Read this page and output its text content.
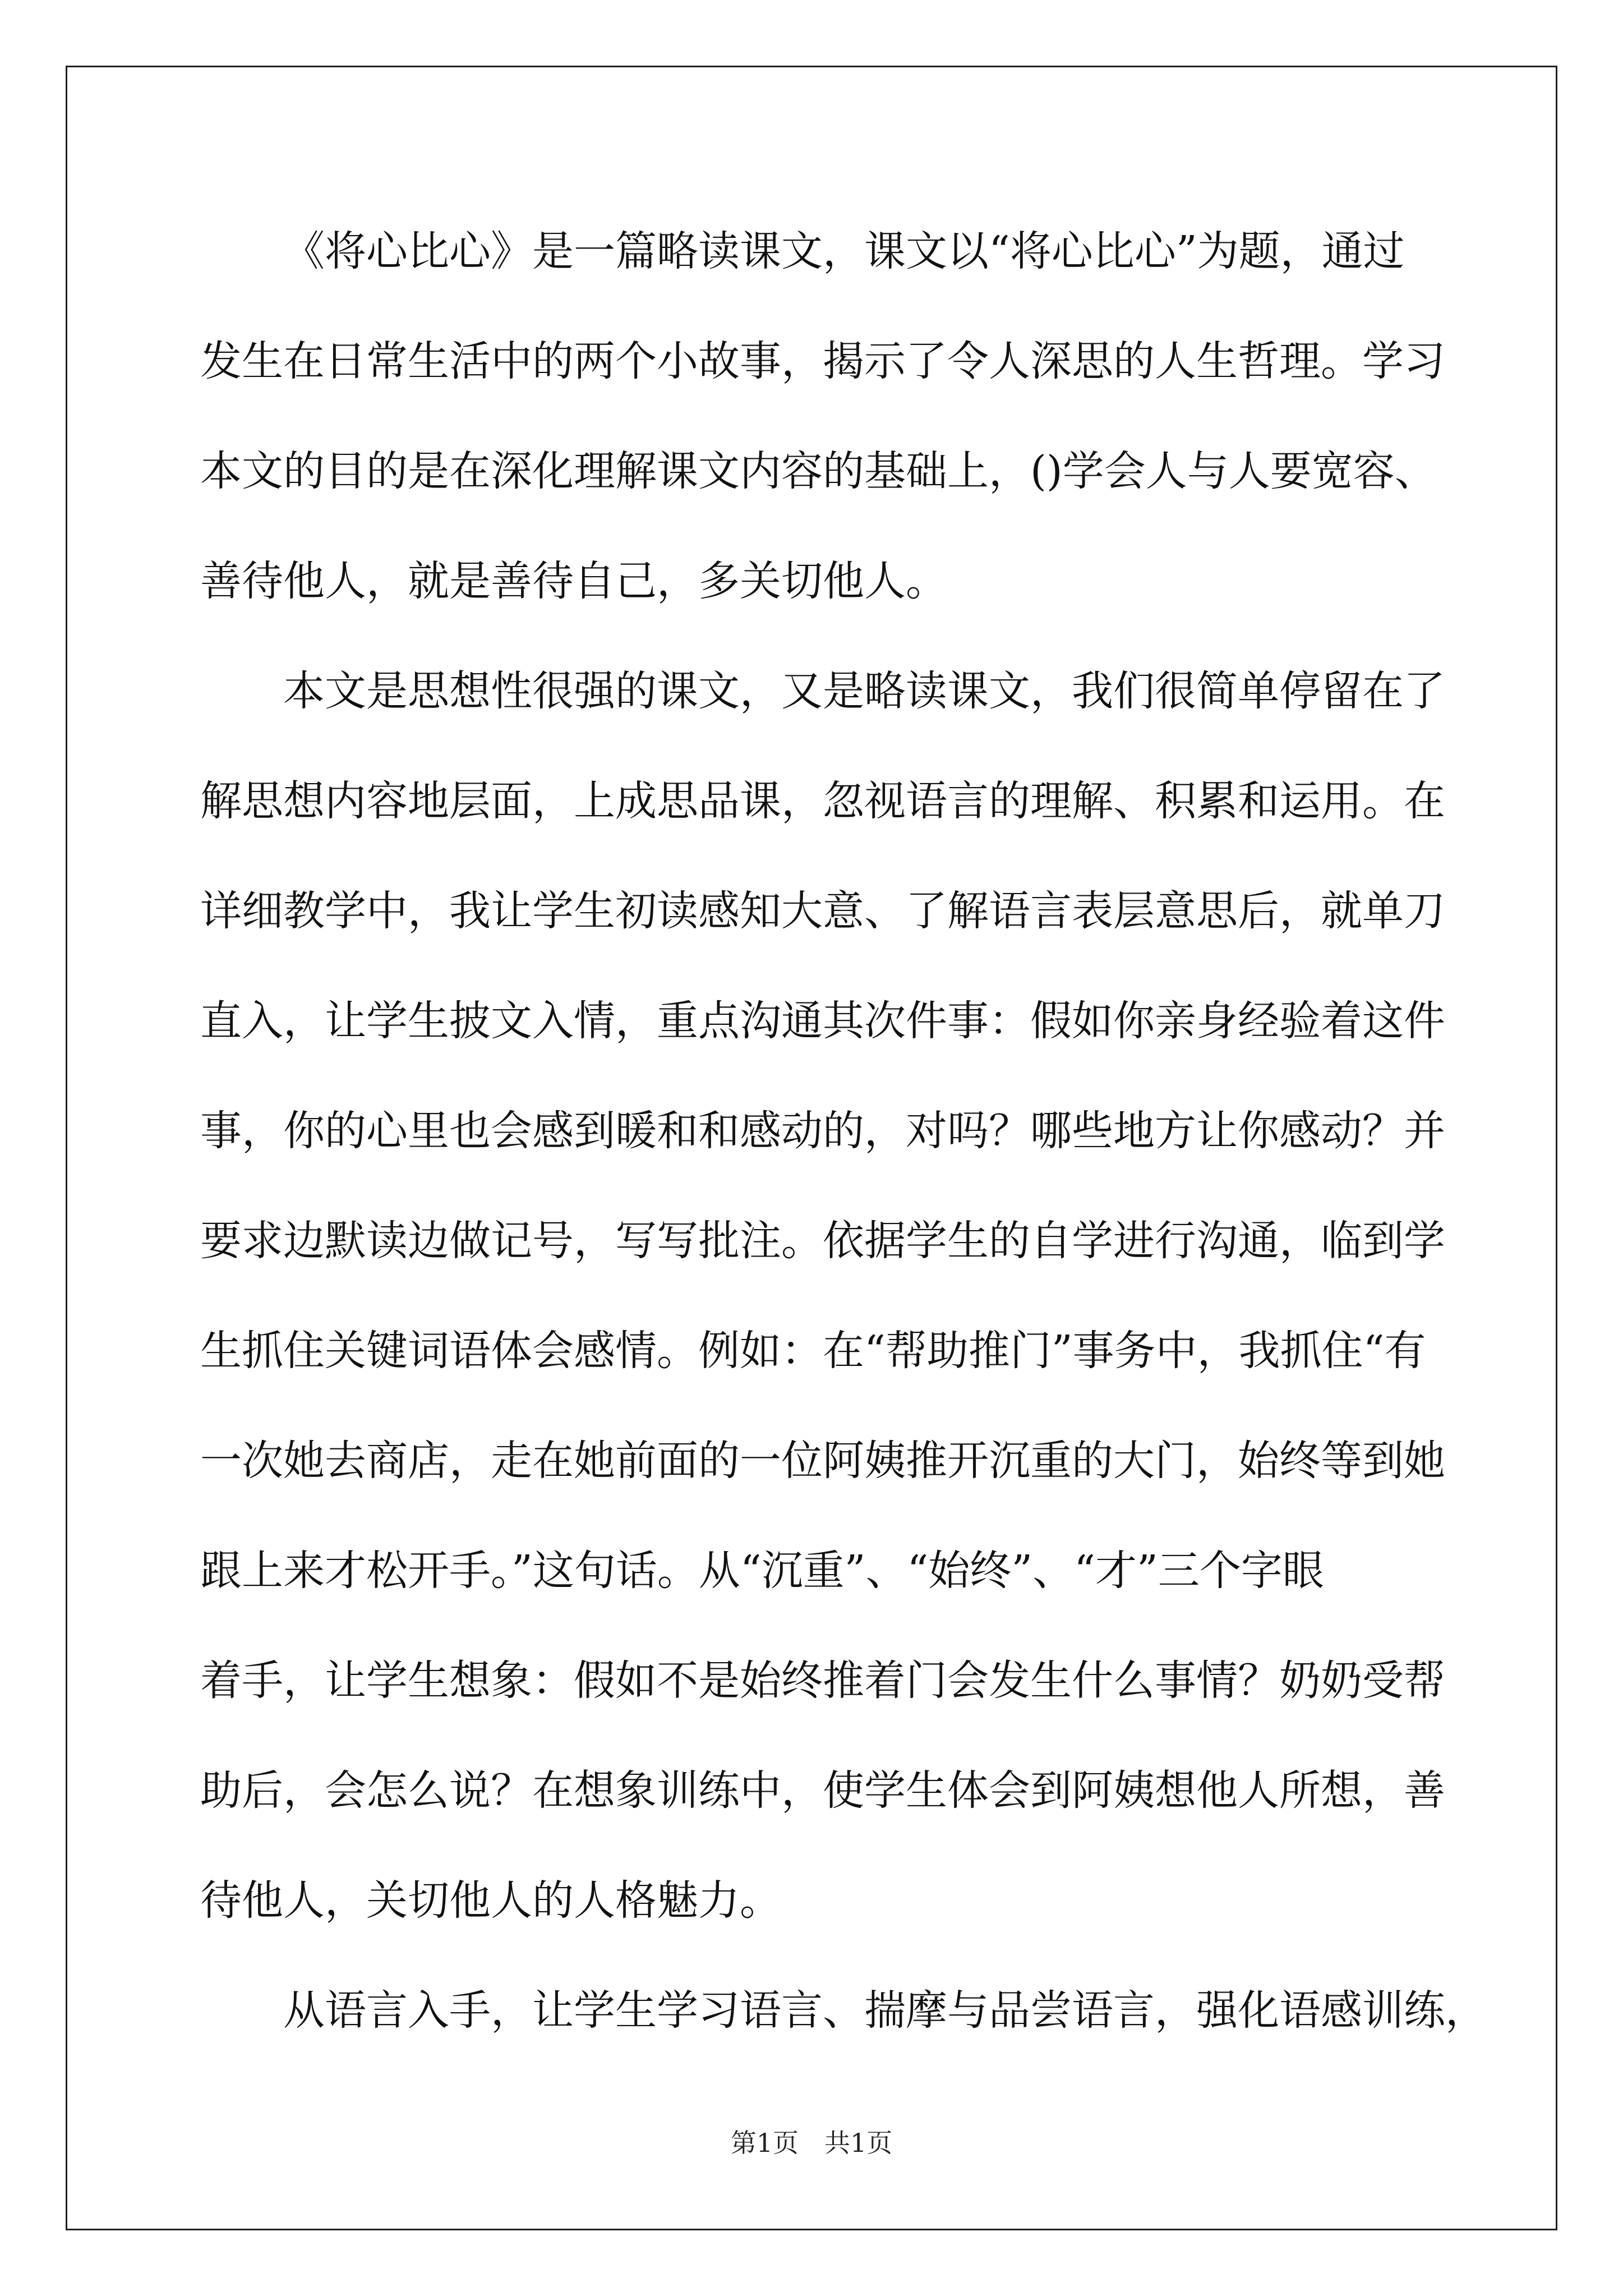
《将心比心》是一篇略读课文，课文以“将心比心”为题，通过
发生在日常生活中的两个小故事，揭示了令人深思的人生哲理。学习
本文的目的是在深化理解课文内容的基础上，()学会人与人要宽容、
善待他人，就是善待自己，多关切他人。
本文是思想性很强的课文，又是略读课文，我们很简单停留在了
解思想内容地层面，上成思品课，忽视语言的理解、积累和运用。在
详细教学中，我让学生初读感知大意、了解语言表层意思后，就单刀
直入，让学生披文入情，重点沟通其次件事：假如你亲身经验着这件
事，你的心里也会感到暖和和感动的，对吗？哪些地方让你感动？并
要求边默读边做记号，写写批注。依据学生的自学进行沟通，临到学
生抓住关键词语体会感情。例如：在“帮助推门”事务中，我抓住“有
一次她去商店，走在她前面的一位阿姨推开沉重的大门，始终等到她
跟上来才松开手。”这句话。从“沉重”、“始终”、“才”三个字眼
着手，让学生想象：假如不是始终推着门会发生什么事情？奶奶受帮
助后，会怎么说？在想象训练中，使学生体会到阿姨想他人所想，善
待他人，关切他人的人格魅力。
从语言入手，让学生学习语言、揣摩与品尝语言，强化语感训练，
第1页　共1页
